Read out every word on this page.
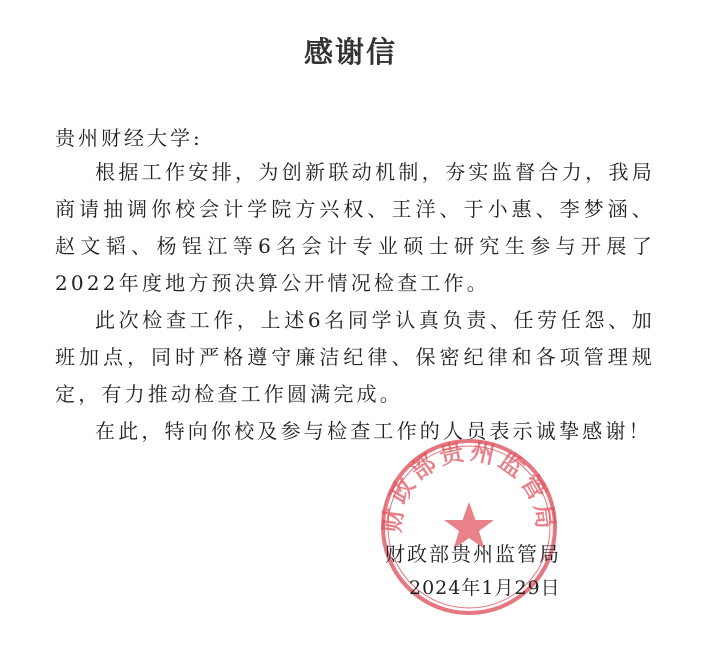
感谢信
贵州财经大学:

根据工作安排，为创新联动机制，夯实监督合力，我局商请抽调你校会计学院方兴权、王洋、于小惠、李梦涵、赵文韬、杨锃江等6名会计专业硕士研究生参与开展了2022年度地方预决算公开情况检查工作。

此次检查工作，上述6名同学认真负责、任劳任怨、加班加点，同时严格遵守廉洁纪律、保密纪律和各项管理规定，有力推动检查工作圆满完成。

在此，特向你校及参与检查工作的人员表示诚挚感谢！

财政部贵州监管局
财政部贵州监管局
2024年1月29日
